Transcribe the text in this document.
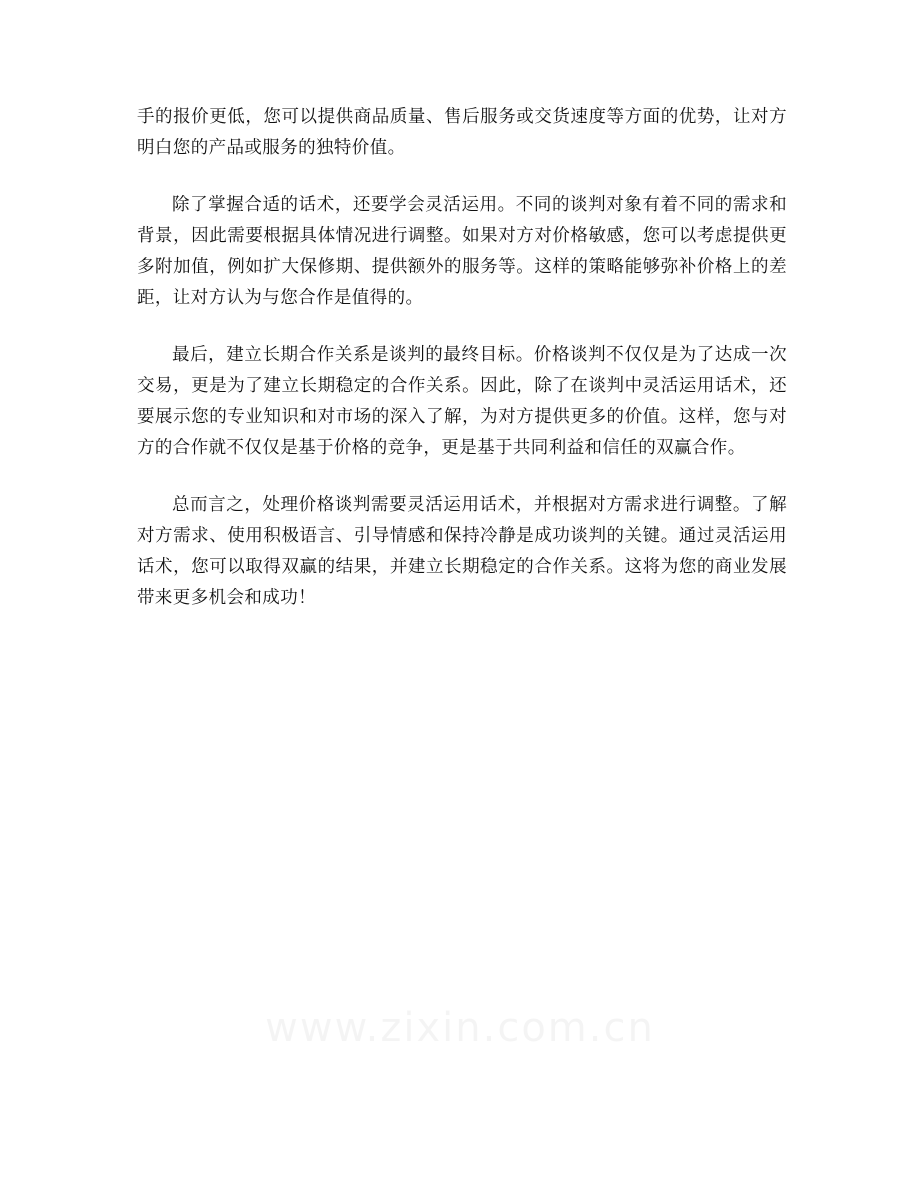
手的报价更低，您可以提供商品质量、售后服务或交货速度等方面的优势，让对方明白您的产品或服务的独特价值。

除了掌握合适的话术，还要学会灵活运用。不同的谈判对象有着不同的需求和背景，因此需要根据具体情况进行调整。如果对方对价格敏感，您可以考虑提供更多附加值，例如扩大保修期、提供额外的服务等。这样的策略能够弥补价格上的差距，让对方认为与您合作是值得的。

最后，建立长期合作关系是谈判的最终目标。价格谈判不仅仅是为了达成一次交易，更是为了建立长期稳定的合作关系。因此，除了在谈判中灵活运用话术，还要展示您的专业知识和对市场的深入了解，为对方提供更多的价值。这样，您与对方的合作就不仅仅是基于价格的竞争，更是基于共同利益和信任的双赢合作。

总而言之，处理价格谈判需要灵活运用话术，并根据对方需求进行调整。了解对方需求、使用积极语言、引导情感和保持冷静是成功谈判的关键。通过灵活运用话术，您可以取得双赢的结果，并建立长期稳定的合作关系。这将为您的商业发展带来更多机会和成功！
